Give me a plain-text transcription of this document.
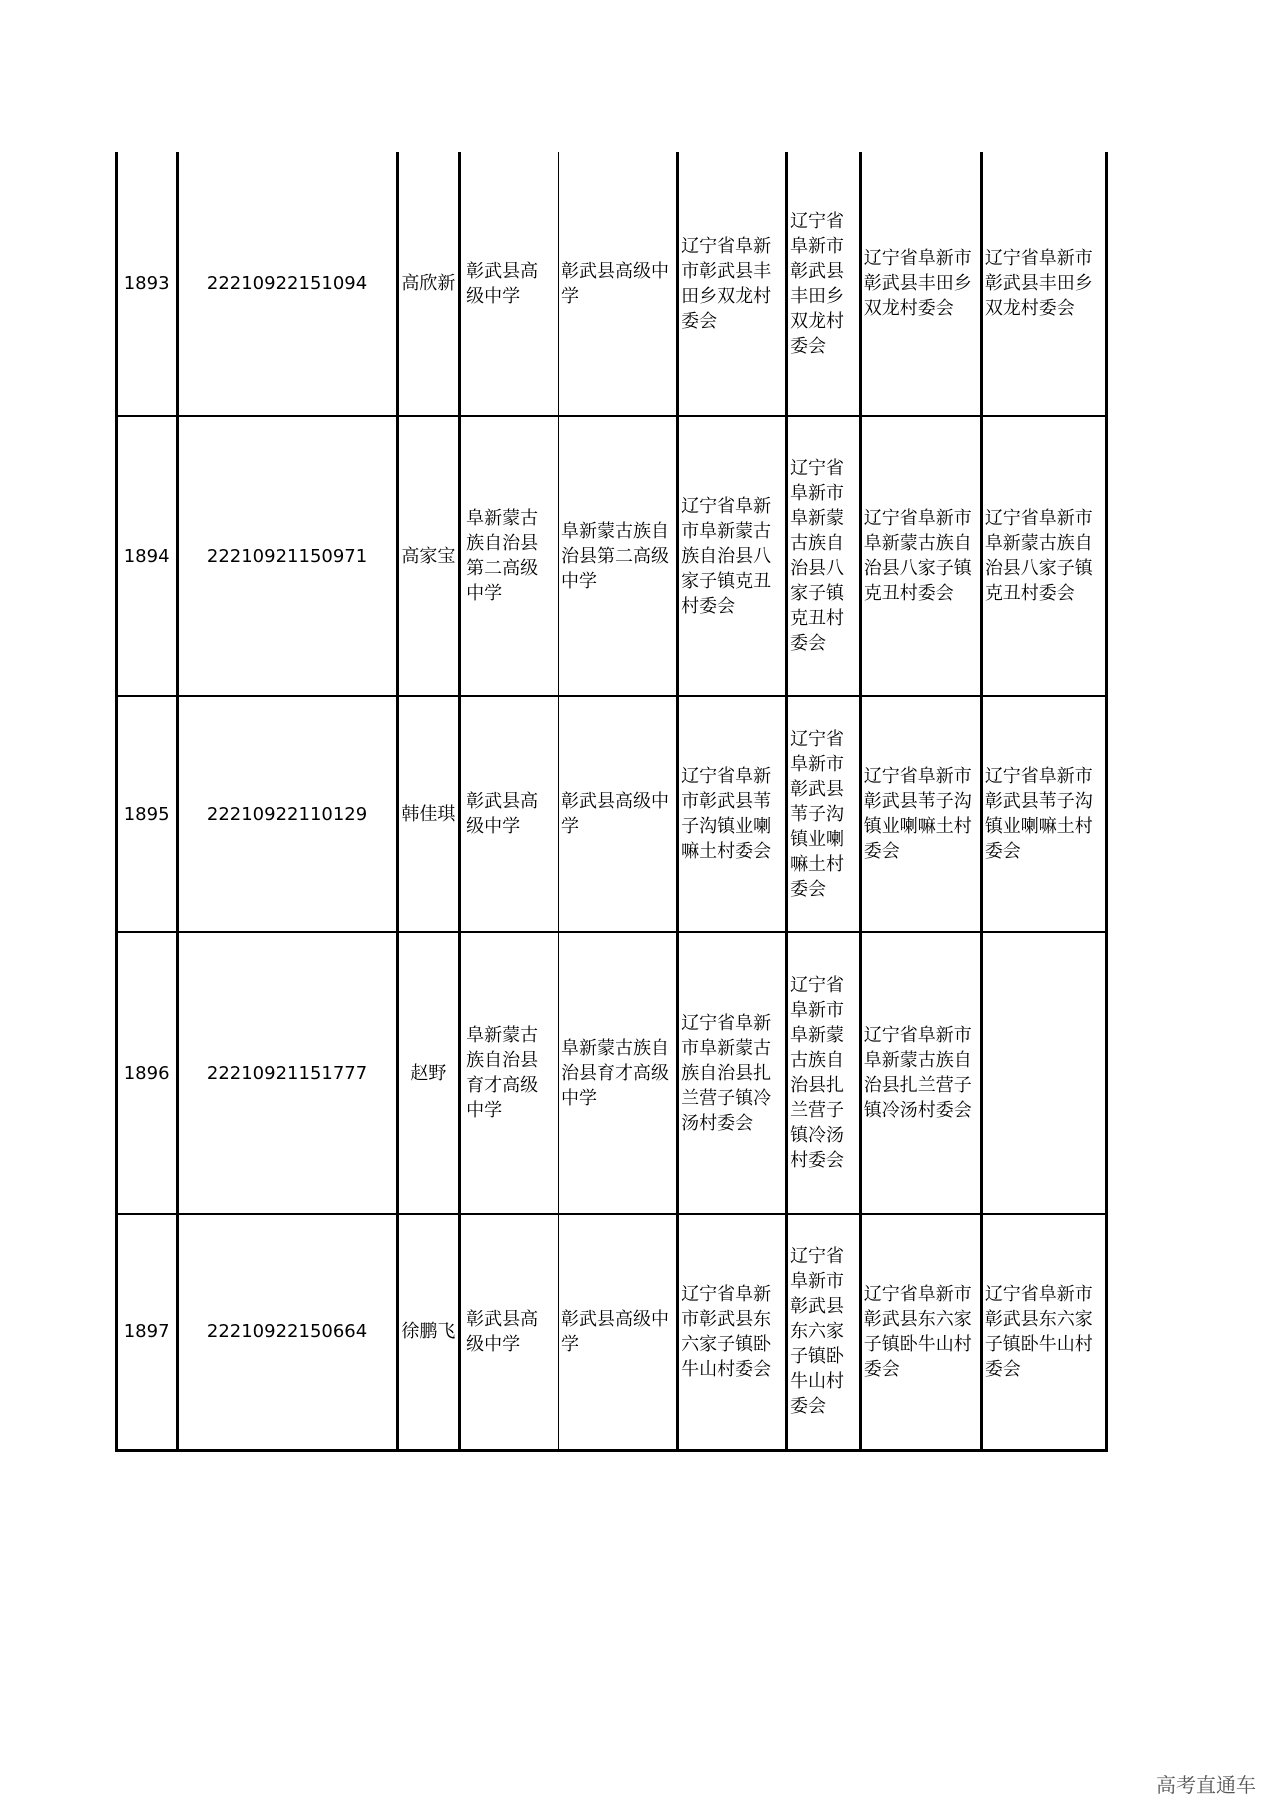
1893	22210922151094	高欣新	彰武县高级中学	彰武县高级中学	辽宁省阜新市彰武县丰田乡双龙村委会	辽宁省阜新市彰武县丰田乡双龙村委会	辽宁省阜新市彰武县丰田乡双龙村委会	辽宁省阜新市彰武县丰田乡双龙村委会

1894	22210921150971	高家宝	阜新蒙古族自治县第二高级中学	阜新蒙古族自治县第二高级中学	辽宁省阜新市阜新蒙古族自治县八家子镇克丑村委会	辽宁省阜新市阜新蒙古族自治县八家子镇克丑村委会	辽宁省阜新市阜新蒙古族自治县八家子镇克丑村委会	辽宁省阜新市阜新蒙古族自治县八家子镇克丑村委会

1895	22210922110129	韩佳琪	彰武县高级中学	彰武县高级中学	辽宁省阜新市彰武县苇子沟镇业喇嘛土村委会	辽宁省阜新市彰武县苇子沟镇业喇嘛土村委会	辽宁省阜新市彰武县苇子沟镇业喇嘛土村委会	辽宁省阜新市彰武县苇子沟镇业喇嘛土村委会

1896	22210921151777	赵野	阜新蒙古族自治县育才高级中学	阜新蒙古族自治县育才高级中学	辽宁省阜新市阜新蒙古族自治县扎兰营子镇冷汤村委会	辽宁省阜新市阜新蒙古族自治县扎兰营子镇冷汤村委会	辽宁省阜新市阜新蒙古族自治县扎兰营子镇冷汤村委会	

1897	22210922150664	徐鹏飞	彰武县高级中学	彰武县高级中学	辽宁省阜新市彰武县东六家子镇卧牛山村委会	辽宁省阜新市彰武县东六家子镇卧牛山村委会	辽宁省阜新市彰武县东六家子镇卧牛山村委会	辽宁省阜新市彰武县东六家子镇卧牛山村委会
高考直通车
